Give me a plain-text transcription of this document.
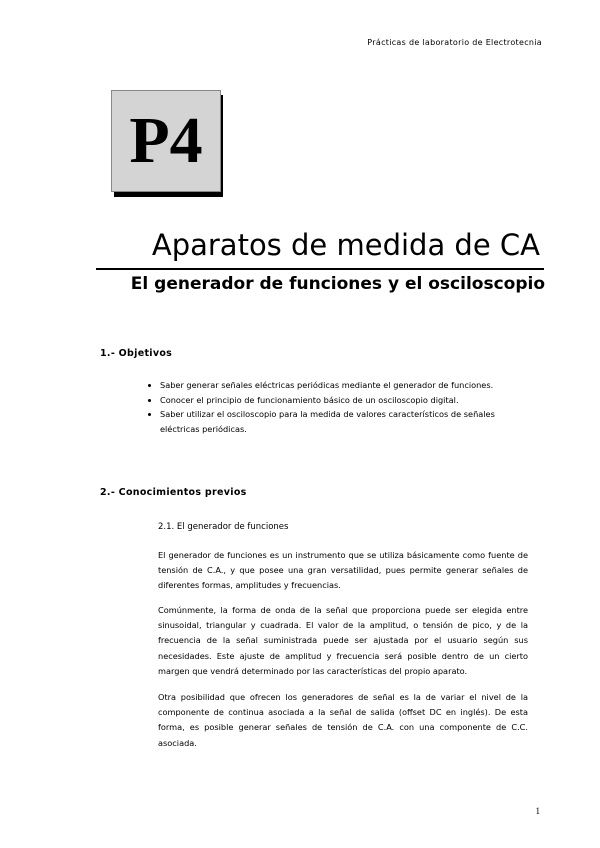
Prácticas de laboratorio de Electrotecnia
P4
Aparatos de medida de CA
El generador de funciones y el osciloscopio
1.- Objetivos
• Saber generar señales eléctricas periódicas mediante el generador de funciones.
• Conocer el principio de funcionamiento básico de un osciloscopio digital.
• Saber utilizar el osciloscopio para la medida de valores característicos de señales eléctricas periódicas.
2.- Conocimientos previos
2.1. El generador de funciones

El generador de funciones es un instrumento que se utiliza básicamente como fuente de tensión de C.A., y que posee una gran versatilidad, pues permite generar señales de diferentes formas, amplitudes y frecuencias.

Comúnmente, la forma de onda de la señal que proporciona puede ser elegida entre sinusoidal, triangular y cuadrada. El valor de la amplitud, o tensión de pico, y de la frecuencia de la señal suministrada puede ser ajustada por el usuario según sus necesidades. Este ajuste de amplitud y frecuencia será posible dentro de un cierto margen que vendrá determinado por las características del propio aparato.

Otra posibilidad que ofrecen los generadores de señal es la de variar el nivel de la componente de continua asociada a la señal de salida (offset DC en inglés). De esta forma, es posible generar señales de tensión de C.A. con una componente de C.C. asociada.

1
